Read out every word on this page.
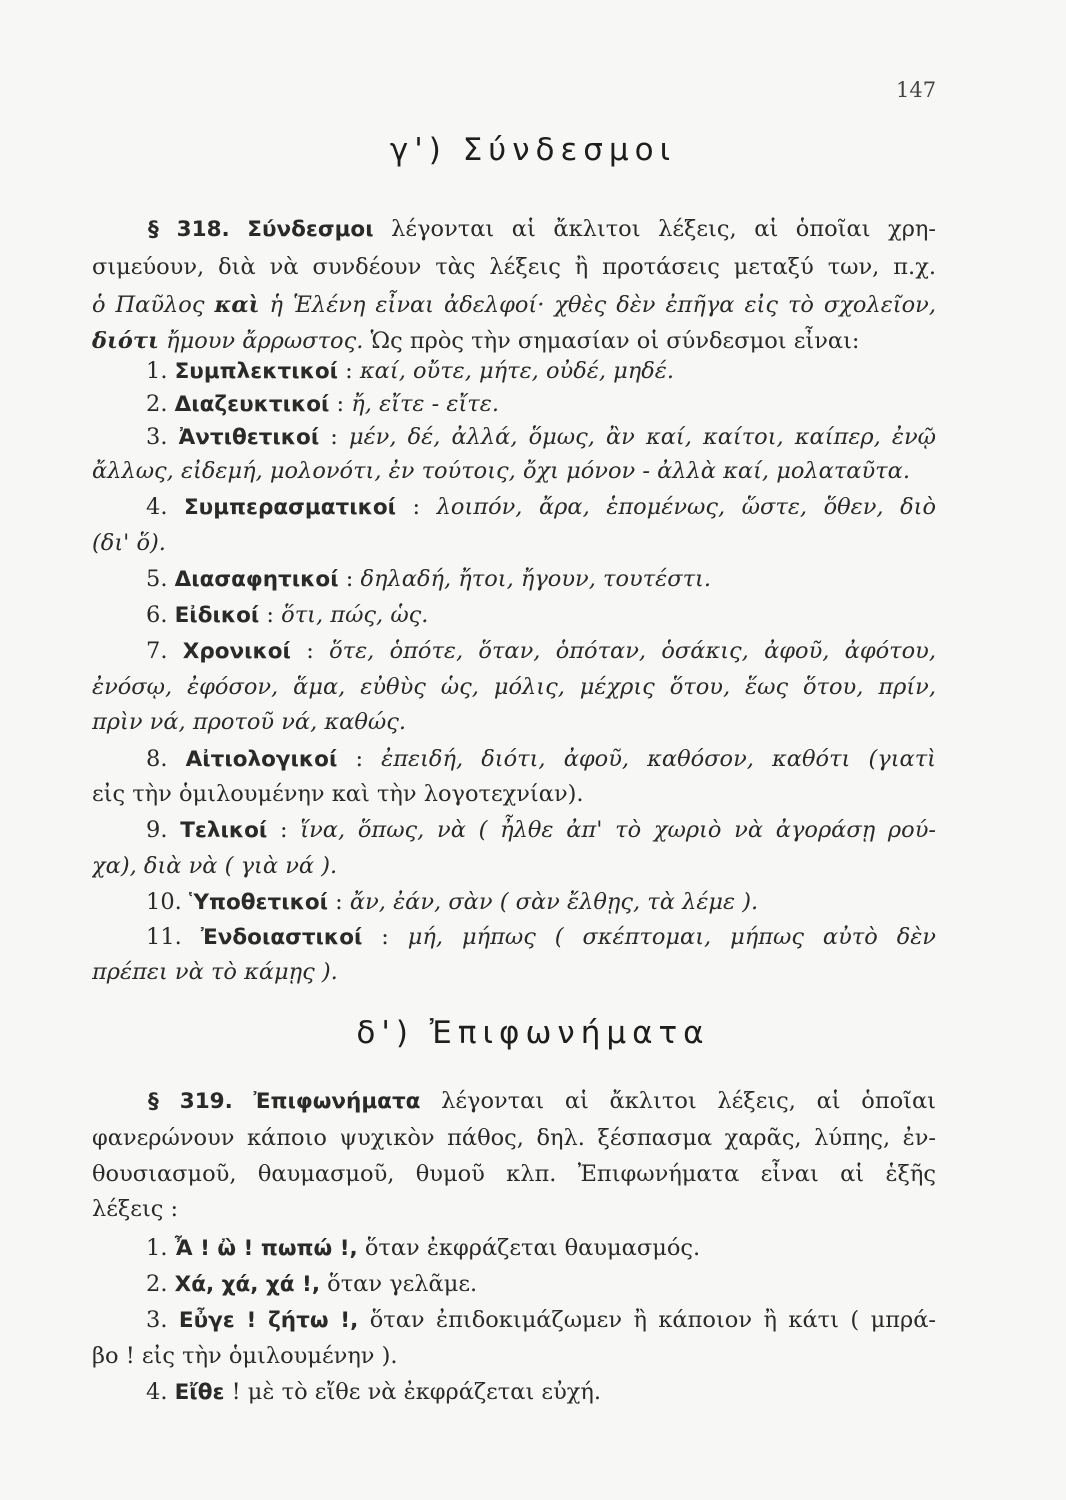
147
γ') Σύνδεσμοι
§ 318. Σύνδεσμοι λέγονται αἱ ἄκλιτοι λέξεις, αἱ ὁποῖαι χρη-
σιμεύουν, διὰ νὰ συνδέουν τὰς λέξεις ἢ προτάσεις μεταξύ των, π.χ.
ὁ Παῦλος καὶ ἡ Ἑλένη εἶναι ἀδελφοί· χθὲς δὲν ἐπῆγα εἰς τὸ σχολεῖον,
διότι ἤμουν ἄρρωστος. Ὡς πρὸς τὴν σημασίαν οἱ σύνδεσμοι εἶναι:
1. Συμπλεκτικοί : καί, οὔτε, μήτε, οὐδέ, μηδέ.
2. Διαζευκτικοί : ἤ, εἴτε - εἴτε.
3. Ἀντιθετικοί : μέν, δέ, ἀλλά, ὅμως, ἂν καί, καίτοι, καίπερ, ἐνῷ
ἄλλως, εἰδεμή, μολονότι, ἐν τούτοις, ὄχι μόνον - ἀλλὰ καί, μολαταῦτα.
4. Συμπερασματικοί : λοιπόν, ἄρα, ἑπομένως, ὥστε, ὅθεν, διὸ
(δι' ὅ).
5. Διασαφητικοί : δηλαδή, ἤτοι, ἤγουν, τουτέστι.
6. Εἰδικοί : ὅτι, πώς, ὡς.
7. Χρονικοί : ὅτε, ὁπότε, ὅταν, ὁπόταν, ὁσάκις, ἀφοῦ, ἀφότου,
ἐνόσῳ, ἐφόσον, ἅμα, εὐθὺς ὡς, μόλις, μέχρις ὅτου, ἕως ὅτου, πρίν,
πρὶν νά, προτοῦ νά, καθώς.
8. Αἰτιολογικοί : ἐπειδή, διότι, ἀφοῦ, καθόσον, καθότι (γιατὶ
εἰς τὴν ὁμιλουμένην καὶ τὴν λογοτεχνίαν).
9. Τελικοί : ἵνα, ὅπως, νὰ ( ἦλθε ἀπ' τὸ χωριὸ νὰ ἀγοράσῃ ρού-
χα), διὰ νὰ ( γιὰ νά ).
10. Ὑποθετικοί : ἄν, ἐάν, σὰν ( σὰν ἔλθῃς, τὰ λέμε ).
11. Ἐνδοιαστικοί : μή, μήπως ( σκέπτομαι, μήπως αὐτὸ δὲν
πρέπει νὰ τὸ κάμῃς ).
δ') Ἐπιφωνήματα
§ 319. Ἐπιφωνήματα λέγονται αἱ ἄκλιτοι λέξεις, αἱ ὁποῖαι
φανερώνουν κάποιο ψυχικὸν πάθος, δηλ. ξέσπασμα χαρᾶς, λύπης, ἐν-
θουσιασμοῦ, θαυμασμοῦ, θυμοῦ κλπ. Ἐπιφωνήματα εἶναι αἱ ἑξῆς
λέξεις :
1. Ἆ ! ὢ ! πωπώ !, ὅταν ἐκφράζεται θαυμασμός.
2. Χά, χά, χά !, ὅταν γελᾶμε.
3. Εὖγε ! ζήτω !, ὅταν ἐπιδοκιμάζωμεν ἢ κάποιον ἢ κάτι ( μπρά-
βο ! εἰς τὴν ὁμιλουμένην ).
4. Εἴθε ! μὲ τὸ εἴθε νὰ ἐκφράζεται εὐχή.
